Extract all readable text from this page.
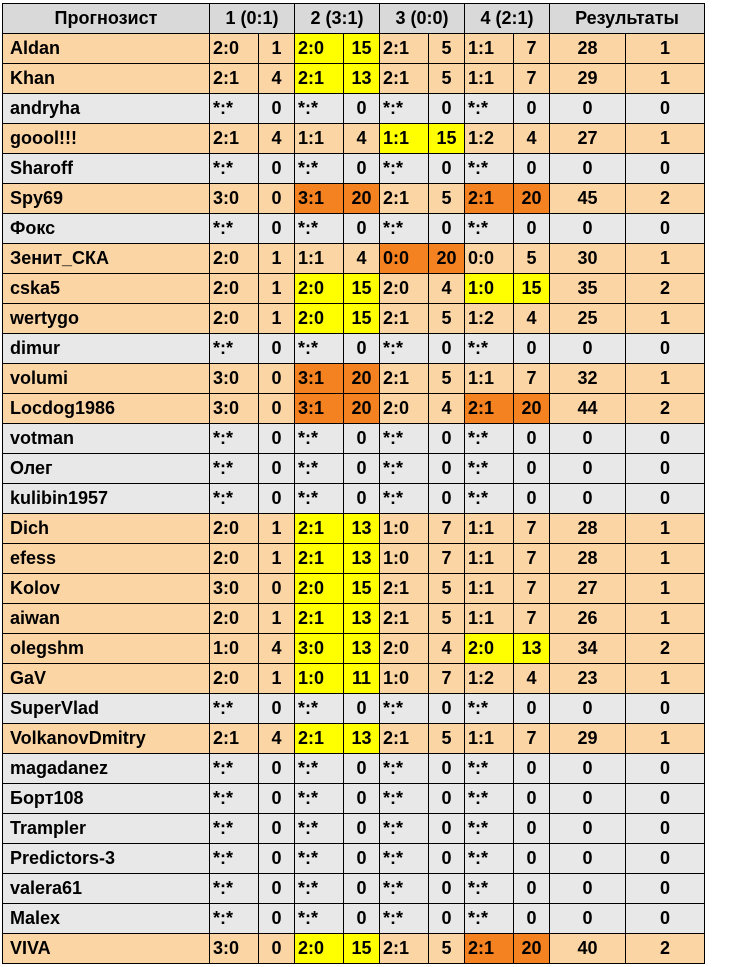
Прогнозист	1 (0:1)		2 (3:1)		3 (0:0)		4 (2:1)		Результаты	
Aldan	2:0	1	2:0	15	2:1	5	1:1	7	28	1
Khan	2:1	4	2:1	13	2:1	5	1:1	7	29	1
andryha	*:*	0	*:*	0	*:*	0	*:*	0	0	0
goool!!!	2:1	4	1:1	4	1:1	15	1:2	4	27	1
Sharoff	*:*	0	*:*	0	*:*	0	*:*	0	0	0
Spy69	3:0	0	3:1	20	2:1	5	2:1	20	45	2
Фокс	*:*	0	*:*	0	*:*	0	*:*	0	0	0
Зенит_СКА	2:0	1	1:1	4	0:0	20	0:0	5	30	1
cska5	2:0	1	2:0	15	2:0	4	1:0	15	35	2
wertygo	2:0	1	2:0	15	2:1	5	1:2	4	25	1
dimur	*:*	0	*:*	0	*:*	0	*:*	0	0	0
volumi	3:0	0	3:1	20	2:1	5	1:1	7	32	1
Locdog1986	3:0	0	3:1	20	2:0	4	2:1	20	44	2
votman	*:*	0	*:*	0	*:*	0	*:*	0	0	0
Олег	*:*	0	*:*	0	*:*	0	*:*	0	0	0
kulibin1957	*:*	0	*:*	0	*:*	0	*:*	0	0	0
Dich	2:0	1	2:1	13	1:0	7	1:1	7	28	1
efess	2:0	1	2:1	13	1:0	7	1:1	7	28	1
Kolov	3:0	0	2:0	15	2:1	5	1:1	7	27	1
aiwan	2:0	1	2:1	13	2:1	5	1:1	7	26	1
olegshm	1:0	4	3:0	13	2:0	4	2:0	13	34	2
GaV	2:0	1	1:0	11	1:0	7	1:2	4	23	1
SuperVlad	*:*	0	*:*	0	*:*	0	*:*	0	0	0
VolkanovDmitry	2:1	4	2:1	13	2:1	5	1:1	7	29	1
magadanez	*:*	0	*:*	0	*:*	0	*:*	0	0	0
Борт108	*:*	0	*:*	0	*:*	0	*:*	0	0	0
Trampler	*:*	0	*:*	0	*:*	0	*:*	0	0	0
Predictors-3	*:*	0	*:*	0	*:*	0	*:*	0	0	0
valera61	*:*	0	*:*	0	*:*	0	*:*	0	0	0
Malex	*:*	0	*:*	0	*:*	0	*:*	0	0	0
VIVA	3:0	0	2:0	15	2:1	5	2:1	20	40	2
